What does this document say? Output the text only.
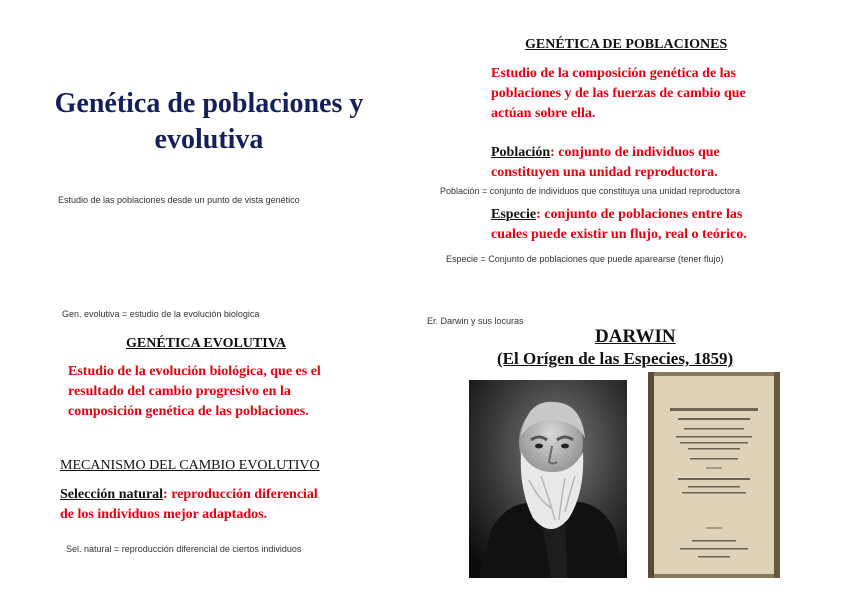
Genética de poblaciones y
evolutiva
Estudio de las poblaciones desde un punto de vista genético
Gen. evolutiva = estudio de la evolución biologica
GENÉTICA EVOLUTIVA
Estudio de la evolución biológica, que es el
resultado del cambio progresivo en la
composición genética de las poblaciones.
MECANISMO DEL CAMBIO EVOLUTIVO
Selección natural: reproducción diferencial
de los individuos mejor adaptados.
Sel. natural = reproducción diferencial de ciertos individuos
GENÉTICA DE POBLACIONES
Estudio de la composición genética de las
poblaciones y de las fuerzas de cambio que
actúan sobre ella.
Población: conjunto de individuos que
constituyen una unidad reproductora.
Población = conjunto de individuos que constituya una unidad reproductora
Especie: conjunto de poblaciones entre las
cuales puede existir un flujo, real o teórico.
Especie = Conjunto de poblaciones que puede aparearse (tener flujo)
Er. Darwin y sus locuras
DARWIN
(El Orígen de las Especies, 1859)
